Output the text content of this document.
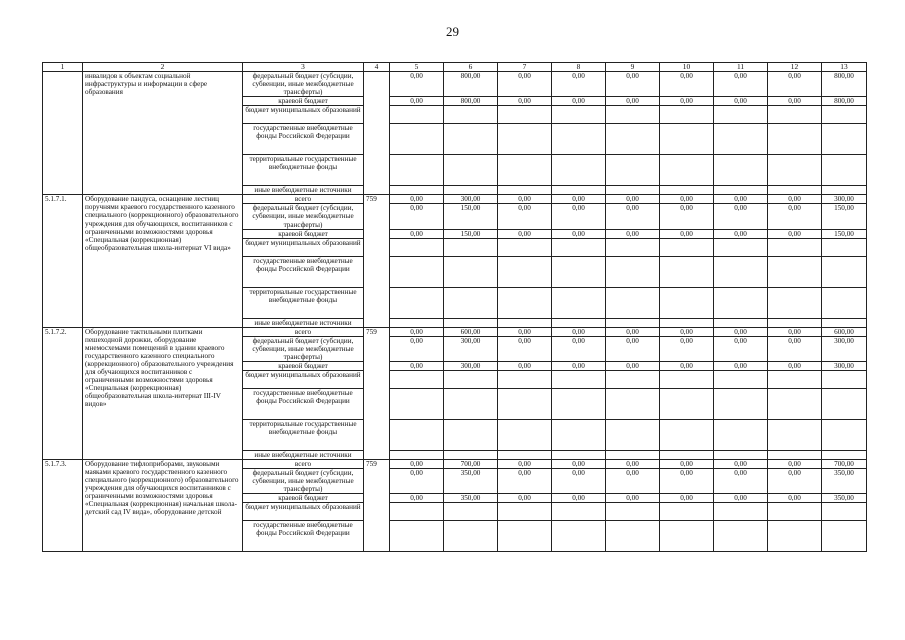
29
1	2	3	4	5	6	7	8	9	10	11	12	13
	инвалидов к объектам социальной инфраструктуры и информации в сфере образования	федеральный бюджет (субсидии, субвенции, иные межбюджетные трансферты)		0,00	800,00	0,00	0,00	0,00	0,00	0,00	0,00	800,00
		краевой бюджет		0,00	800,00	0,00	0,00	0,00	0,00	0,00	0,00	800,00
		бюджет муниципальных образований										
		государственные внебюджетные фонды Российской Федерации										
		территориальные государственные внебюджетные фонды										
		иные внебюджетные источники										
5.1.7.1.	Оборудование пандуса, оснащение лестниц поручнями краевого государственного казенного специального (коррекционного) образовательного учреждения для обучающихся, воспитанников с ограниченными возможностями здоровья «Специальная (коррекционная) общеобразовательная школа-интернат VI вида»	всего	759	0,00	300,00	0,00	0,00	0,00	0,00	0,00	0,00	300,00
		федеральный бюджет (субсидии, субвенции, иные межбюджетные трансферты)		0,00	150,00	0,00	0,00	0,00	0,00	0,00	0,00	150,00
		краевой бюджет		0,00	150,00	0,00	0,00	0,00	0,00	0,00	0,00	150,00
		бюджет муниципальных образований										
		государственные внебюджетные фонды Российской Федерации										
		территориальные государственные внебюджетные фонды										
		иные внебюджетные источники										
5.1.7.2.	Оборудование тактильными плитками пешеходной дорожки, оборудование мнемосхемами помещений в здании краевого государственного казенного специального (коррекционного) образовательного учреждения для обучающихся воспитанников с ограниченными возможностями здоровья «Специальная (коррекционная) общеобразовательная школа-интернат III-IV видов»	всего	759	0,00	600,00	0,00	0,00	0,00	0,00	0,00	0,00	600,00
		федеральный бюджет (субсидии, субвенции, иные межбюджетные трансферты)		0,00	300,00	0,00	0,00	0,00	0,00	0,00	0,00	300,00
		краевой бюджет		0,00	300,00	0,00	0,00	0,00	0,00	0,00	0,00	300,00
		бюджет муниципальных образований										
		государственные внебюджетные фонды Российской Федерации										
		территориальные государственные внебюджетные фонды										
		иные внебюджетные источники										
5.1.7.3.	Оборудование тифлоприборами, звуковыми маяками краевого государственного казенного специального (коррекционного) образовательного учреждения для обучающихся воспитанников с ограниченными возможностями здоровья «Специальная (коррекционная) начальная школа-детский сад IV вида», оборудование детской	всего	759	0,00	700,00	0,00	0,00	0,00	0,00	0,00	0,00	700,00
		федеральный бюджет (субсидии, субвенции, иные межбюджетные трансферты)		0,00	350,00	0,00	0,00	0,00	0,00	0,00	0,00	350,00
		краевой бюджет		0,00	350,00	0,00	0,00	0,00	0,00	0,00	0,00	350,00
		бюджет муниципальных образований										
		государственные внебюджетные фонды Российской Федерации										
